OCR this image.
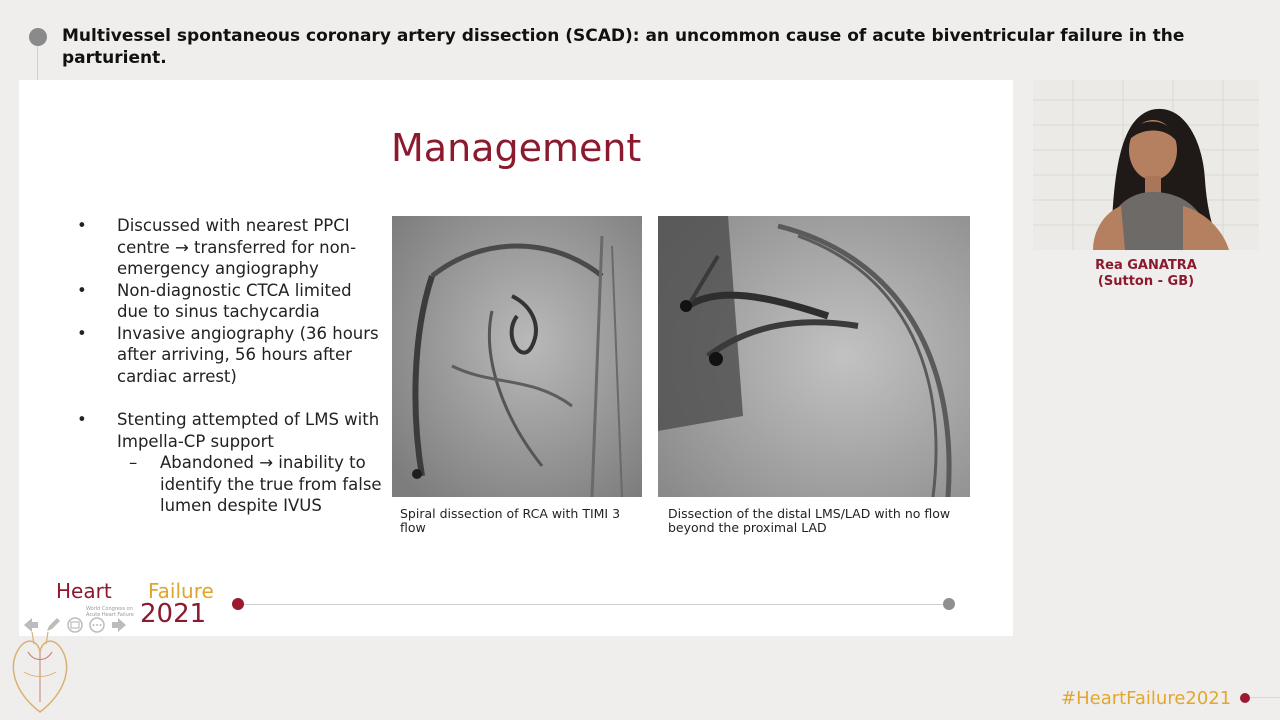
Multivessel spontaneous coronary artery dissection (SCAD): an uncommon cause of acute biventricular failure in the parturient.
Management
• Discussed with nearest PPCI centre → transferred for non-emergency angiography
• Non-diagnostic CTCA limited due to sinus tachycardia
• Invasive angiography (36 hours after arriving, 56 hours after cardiac arrest)
• Stenting attempted of LMS with Impella-CP support
– Abandoned → inability to identify the true from false lumen despite IVUS	Spiral dissection of RCA with TIMI 3 flow
Dissection of the distal LMS/LAD with no flow beyond the proximal LAD
Heart Failure
World Congress on Acute Heart Failure 2021
Rea GANATRA
(Sutton - GB)
#HeartFailure2021
